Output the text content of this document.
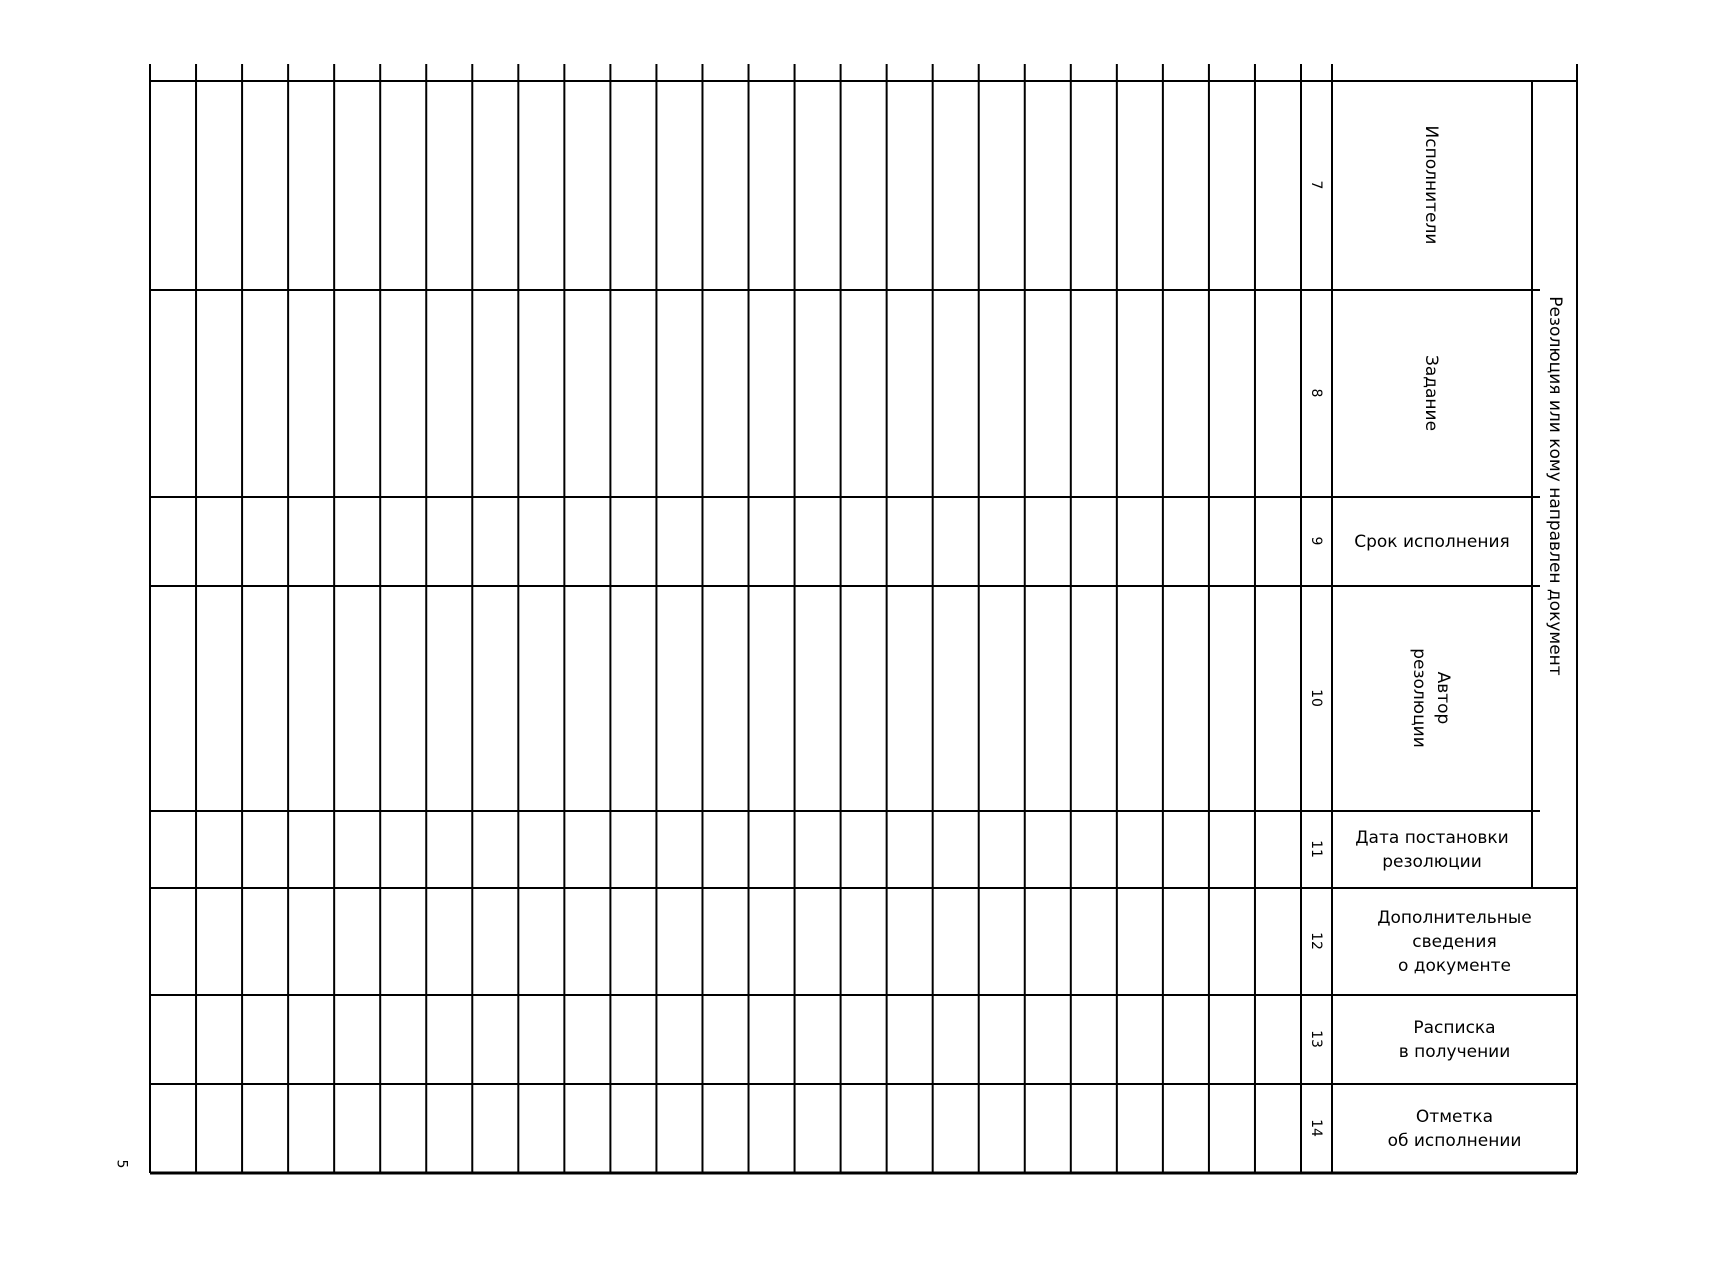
Исполнители
Задание
Срок исполнения
Автор
резолюции
Дата постановки
резолюции
Дополнительные
сведения
о документе
Расписка
в получении
Отметка
об исполнении
Резолюция или кому направлен документ
7
8
9
10
11
12
13
14
5
